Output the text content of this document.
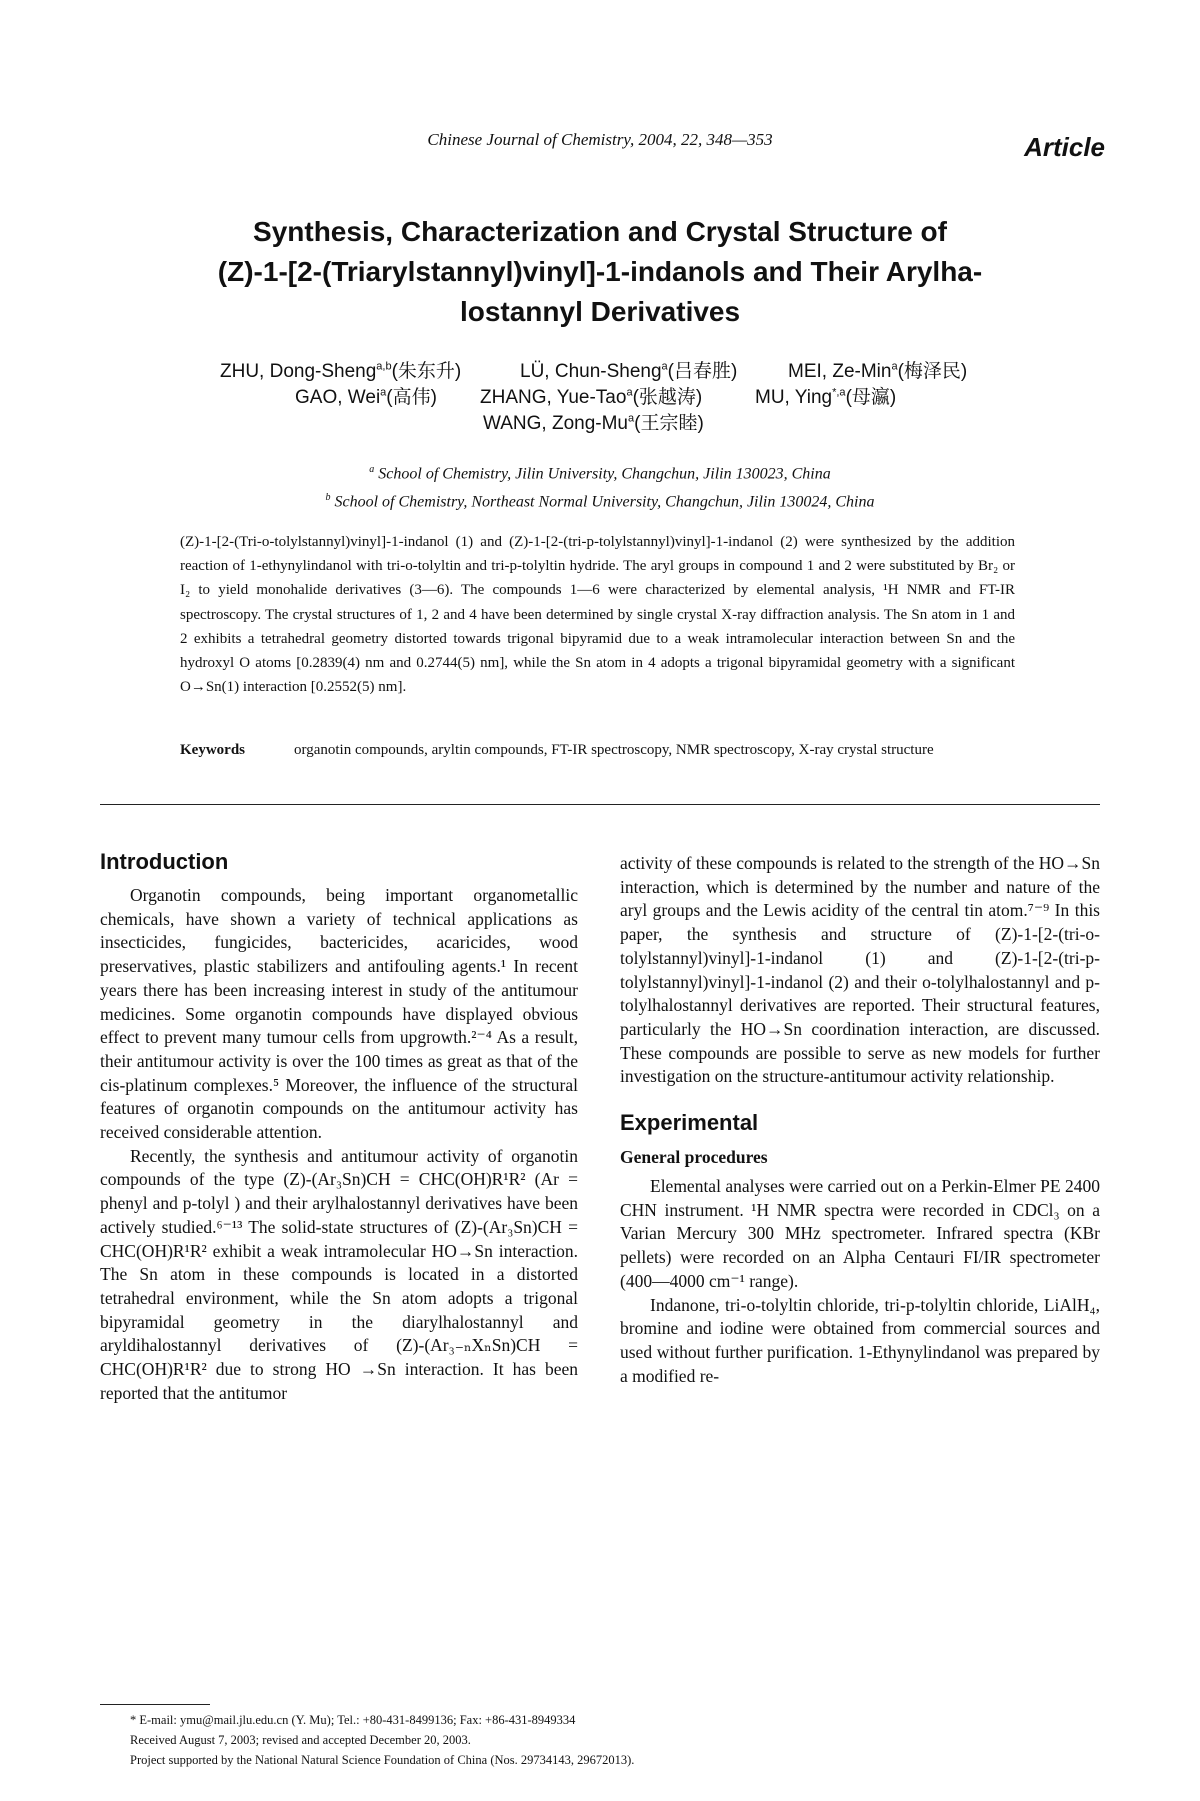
Chinese Journal of Chemistry, 2004, 22, 348—353	Article
Synthesis, Characterization and Crystal Structure of
(Z)-1-[2-(Triarylstannyl)vinyl]-1-indanols and Their Arylha-
lostannyl Derivatives
ZHU, Dong-Sheng$^{a,b}$(朱东升)	LÜ, Chun-Sheng$^a$(吕春胜)	MEI, Ze-Min$^a$(梅泽民)
GAO, Wei$^a$(高伟) ZHANG, Yue-Tao$^a$(张越涛)	MU, Ying$^{*,a}$(母瀛)
WANG, Zong-Mu$^a$(王宗睦)
$^a$ School of Chemistry, Jilin University, Changchun, Jilin 130023, China
$^b$ School of Chemistry, Northeast Normal University, Changchun, Jilin 130024, China
(Z)-1-[2-(Tri-o-tolylstannyl)vinyl]-1-indanol (1) and (Z)-1-[2-(tri-p-tolylstannyl)vinyl]-1-indanol (2) were synthesized by the addition reaction of 1-ethynylindanol with tri-o-tolyltin and tri-p-tolyltin hydride. The aryl groups in compound 1 and 2 were substituted by Br₂ or I₂ to yield monohalide derivatives (3—6). The compounds 1—6 were characterized by elemental analysis, ¹H NMR and FT-IR spectroscopy. The crystal structures of 1, 2 and 4 have been determined by single crystal X-ray diffraction analysis. The Sn atom in 1 and 2 exhibits a tetrahedral geometry distorted towards trigonal bipyramid due to a weak intramolecular interaction between Sn and the hydroxyl O atoms [0.2839(4) nm and 0.2744(5) nm], while the Sn atom in 4 adopts a trigonal bipyramidal geometry with a significant O→Sn(1) interaction [0.2552(5) nm].
Keywords	organotin compounds, aryltin compounds, FT-IR spectroscopy, NMR spectroscopy, X-ray crystal structure
Introduction

Organotin compounds, being important organometallic chemicals, have shown a variety of technical applications as insecticides, fungicides, bactericides, acaricides, wood preservatives, plastic stabilizers and antifouling agents.¹ In recent years there has been increasing interest in study of the antitumour medicines. Some organotin compounds have displayed obvious effect to prevent many tumour cells from upgrowth.²⁻⁴ As a result, their antitumour activity is over the 100 times as great as that of the cis-platinum complexes.⁵ Moreover, the influence of the structural features of organotin compounds on the antitumour activity has received considerable attention.

Recently, the synthesis and antitumour activity of organotin compounds of the type (Z)-(Ar₃Sn)CH = CHC(OH)R¹R² (Ar = phenyl and p-tolyl ) and their arylhalostannyl derivatives have been actively studied.⁶⁻¹³ The solid-state structures of (Z)-(Ar₃Sn)CH = CHC(OH)R¹R² exhibit a weak intramolecular HO→Sn interaction. The Sn atom in these compounds is located in a distorted tetrahedral environment, while the Sn atom adopts a trigonal bipyramidal geometry in the diarylhalostannyl and aryldihalostannyl derivatives of (Z)-(Ar₃₋ₙXₙSn)CH = CHC(OH)R¹R² due to strong HO →Sn interaction. It has been reported that the antitumor

activity of these compounds is related to the strength of the HO→Sn interaction, which is determined by the number and nature of the aryl groups and the Lewis acidity of the central tin atom.⁷⁻⁹ In this paper, the synthesis and structure of (Z)-1-[2-(tri-o-tolylstannyl)vinyl]-1-indanol (1) and (Z)-1-[2-(tri-p-tolylstannyl)vinyl]-1-indanol (2) and their o-tolylhalostannyl and p-tolylhalostannyl derivatives are reported. Their structural features, particularly the HO→Sn coordination interaction, are discussed. These compounds are possible to serve as new models for further investigation on the structure-antitumour activity relationship.

Experimental
General procedures

Elemental analyses were carried out on a Perkin-Elmer PE 2400 CHN instrument. ¹H NMR spectra were recorded in CDCl₃ on a Varian Mercury 300 MHz spectrometer. Infrared spectra (KBr pellets) were recorded on an Alpha Centauri FI/IR spectrometer (400—4000 cm⁻¹ range).

Indanone, tri-o-tolyltin chloride, tri-p-tolyltin chloride, LiAlH₄, bromine and iodine were obtained from commercial sources and used without further purification. 1-Ethynylindanol was prepared by a modified re-

* E-mail: ymu@mail.jlu.edu.cn (Y. Mu); Tel.: +80-431-8499136; Fax: +86-431-8949334
Received August 7, 2003; revised and accepted December 20, 2003.
Project supported by the National Natural Science Foundation of China (Nos. 29734143, 29672013).
